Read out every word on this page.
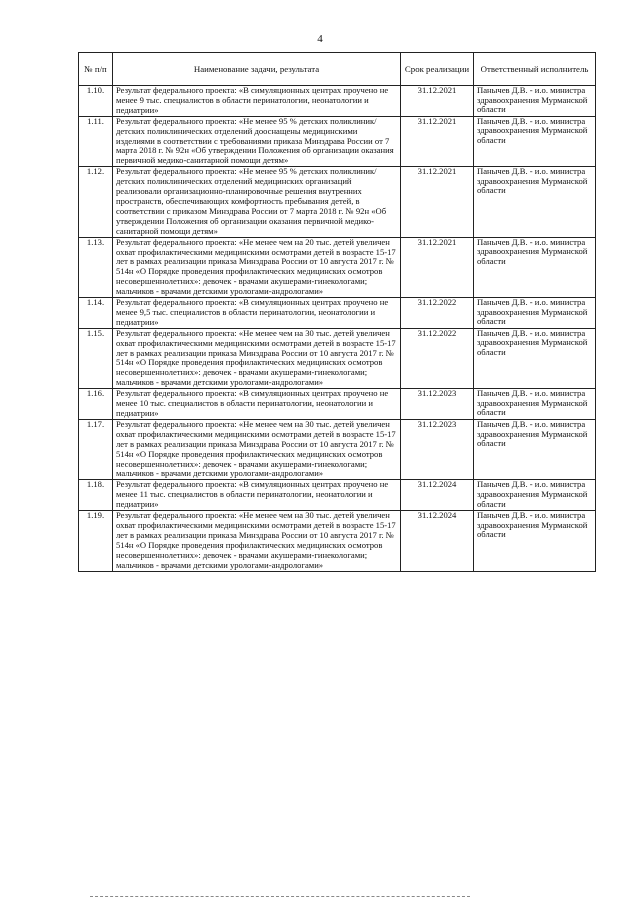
4
№ п/п	Наименование задачи, результата	Срок реализации	Ответственный исполнитель
1.10.	Результат федерального проекта: «В симуляционных центрах проучено не менее 9 тыс. специалистов в области перинатологии, неонатологии и педиатрии»	31.12.2021	Панычев Д.В. - и.о. министра здравоохранения Мурманской области
1.11.	Результат федерального проекта: «Не менее 95 % детских поликлиник/детских поликлинических отделений дооснащены медицинскими изделиями в соответствии с требованиями приказа Минздрава России от 7 марта 2018 г. № 92н «Об утверждении Положения об организации оказания первичной медико-санитарной помощи детям»	31.12.2021	Панычев Д.В. - и.о. министра здравоохранения Мурманской области
1.12.	Результат федерального проекта: «Не менее 95 % детских поликлиник/детских поликлинических отделений медицинских организаций реализовали организационно-планировочные решения внутренних пространств, обеспечивающих комфортность пребывания детей, в соответствии с приказом Минздрава России от 7 марта 2018 г. № 92н «Об утверждении Положения об организации оказания первичной медико-санитарной помощи детям»	31.12.2021	Панычев Д.В. - и.о. министра здравоохранения Мурманской области
1.13.	Результат федерального проекта: «Не менее чем на 20 тыс. детей увеличен охват профилактическими медицинскими осмотрами детей в возрасте 15-17 лет в рамках реализации приказа Минздрава России от 10 августа 2017 г. № 514н «О Порядке проведения профилактических медицинских осмотров несовершеннолетних»: девочек - врачами акушерами-гинекологами; мальчиков - врачами детскими урологами-андрологами»	31.12.2021	Панычев Д.В. - и.о. министра здравоохранения Мурманской области
1.14.	Результат федерального проекта: «В симуляционных центрах проучено не менее 9,5 тыс. специалистов в области перинатологии, неонатологии и педиатрии»	31.12.2022	Панычев Д.В. - и.о. министра здравоохранения Мурманской области
1.15.	Результат федерального проекта: «Не менее чем на 30 тыс. детей увеличен охват профилактическими медицинскими осмотрами детей в возрасте 15-17 лет в рамках реализации приказа Минздрава России от 10 августа 2017 г. № 514н «О Порядке проведения профилактических медицинских осмотров несовершеннолетних»: девочек - врачами акушерами-гинекологами; мальчиков - врачами детскими урологами-андрологами»	31.12.2022	Панычев Д.В. - и.о. министра здравоохранения Мурманской области
1.16.	Результат федерального проекта: «В симуляционных центрах проучено не менее 10 тыс. специалистов в области перинатологии, неонатологии и педиатрии»	31.12.2023	Панычев Д.В. - и.о. министра здравоохранения Мурманской области
1.17.	Результат федерального проекта: «Не менее чем на 30 тыс. детей увеличен охват профилактическими медицинскими осмотрами детей в возрасте 15-17 лет в рамках реализации приказа Минздрава России от 10 августа 2017 г. № 514н «О Порядке проведения профилактических медицинских осмотров несовершеннолетних»: девочек - врачами акушерами-гинекологами; мальчиков - врачами детскими урологами-андрологами»	31.12.2023	Панычев Д.В. - и.о. министра здравоохранения Мурманской области
1.18.	Результат федерального проекта: «В симуляционных центрах проучено не менее 11 тыс. специалистов в области перинатологии, неонатологии и педиатрии»	31.12.2024	Панычев Д.В. - и.о. министра здравоохранения Мурманской области
1.19.	Результат федерального проекта: «Не менее чем на 30 тыс. детей увеличен охват профилактическими медицинскими осмотрами детей в возрасте 15-17 лет в рамках реализации приказа Минздрава России от 10 августа 2017 г. № 514н «О Порядке проведения профилактических медицинских осмотров несовершеннолетних»: девочек - врачами акушерами-гинекологами; мальчиков - врачами детскими урологами-андрологами»	31.12.2024	Панычев Д.В. - и.о. министра здравоохранения Мурманской области
